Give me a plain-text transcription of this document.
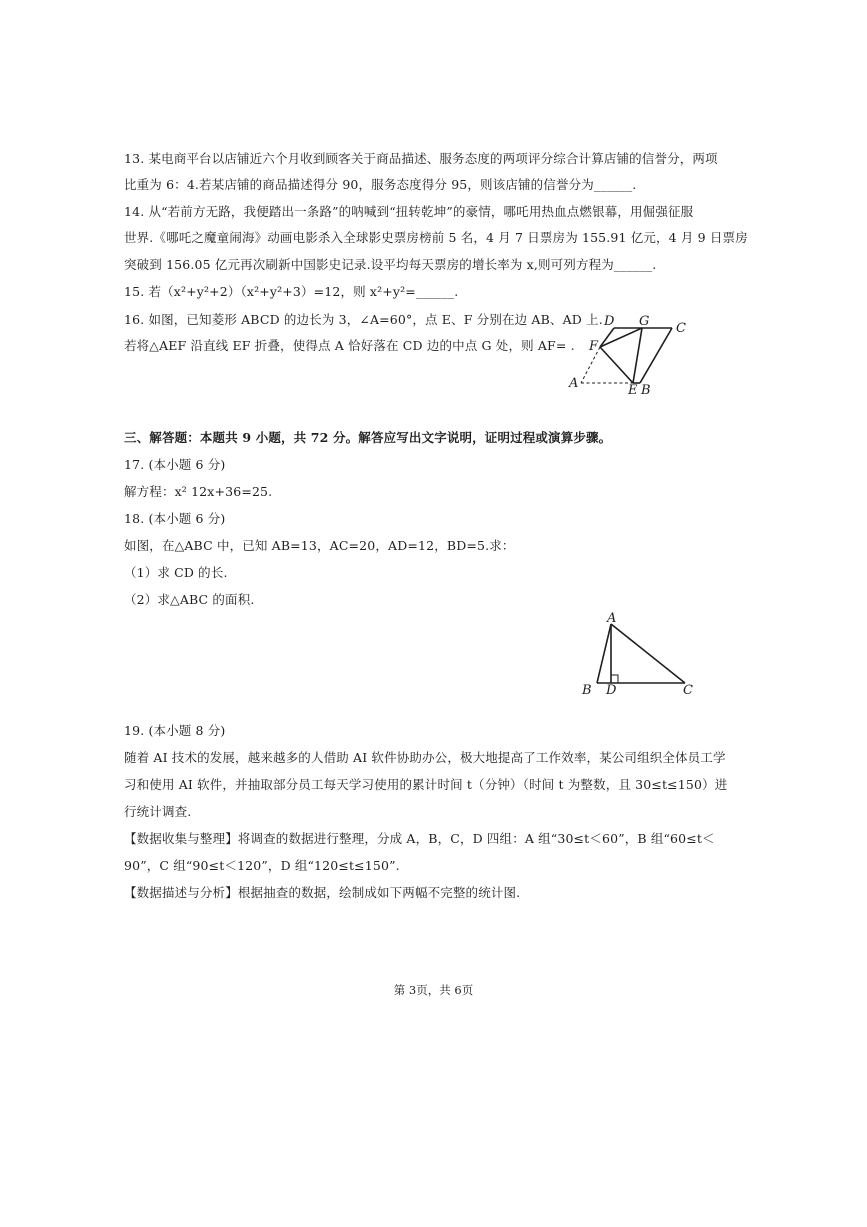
13. 某电商平台以店铺近六个月收到顾客关于商品描述、服务态度的两项评分综合计算店铺的信誉分，两项
比重为 6：4.若某店铺的商品描述得分 90，服务态度得分 95，则该店铺的信誉分为______.
14. 从“若前方无路，我便踏出一条路”的呐喊到“扭转乾坤”的豪情，哪吒用热血点燃银幕，用倔强征服
世界.《哪吒之魔童闹海》动画电影杀入全球影史票房榜前 5 名，4 月 7 日票房为 155.91 亿元，4 月 9 日票房
突破到 156.05 亿元再次刷新中国影史记录.设平均每天票房的增长率为 x,则可列方程为______.
15. 若（x²+y²+2）（x²+y²+3）=12，则 x²+y²=______.
16. 如图，已知菱形 ABCD 的边长为 3，∠A=60°，点 E、F 分别在边 AB、AD 上.
若将△AEF 沿直线 EF 折叠，使得点 A 恰好落在 CD 边的中点 G 处，则 AF= .
D G C
F
A	E B
三、解答题：本题共 9 小题，共 72 分。解答应写出文字说明，证明过程或演算步骤。
17. (本小题 6 分)
解方程：x² 12x+36=25.
18. (本小题 6 分)
如图，在△ABC 中，已知 AB=13，AC=20，AD=12，BD=5.求：
（1）求 CD 的长.
（2）求△ABC 的面积.
A
B D	C
19. (本小题 8 分)
随着 AI 技术的发展，越来越多的人借助 AI 软件协助办公，极大地提高了工作效率，某公司组织全体员工学
习和使用 AI 软件，并抽取部分员工每天学习使用的累计时间 t（分钟）（时间 t 为整数，且 30≤t≤150）进
行统计调查.
【数据收集与整理】将调查的数据进行整理，分成 A，B，C，D 四组：A 组“30≤t＜60”，B 组“60≤t＜
90”，C 组“90≤t＜120”，D 组“120≤t≤150”.
【数据描述与分析】根据抽查的数据，绘制成如下两幅不完整的统计图.
第 3页，共 6页
